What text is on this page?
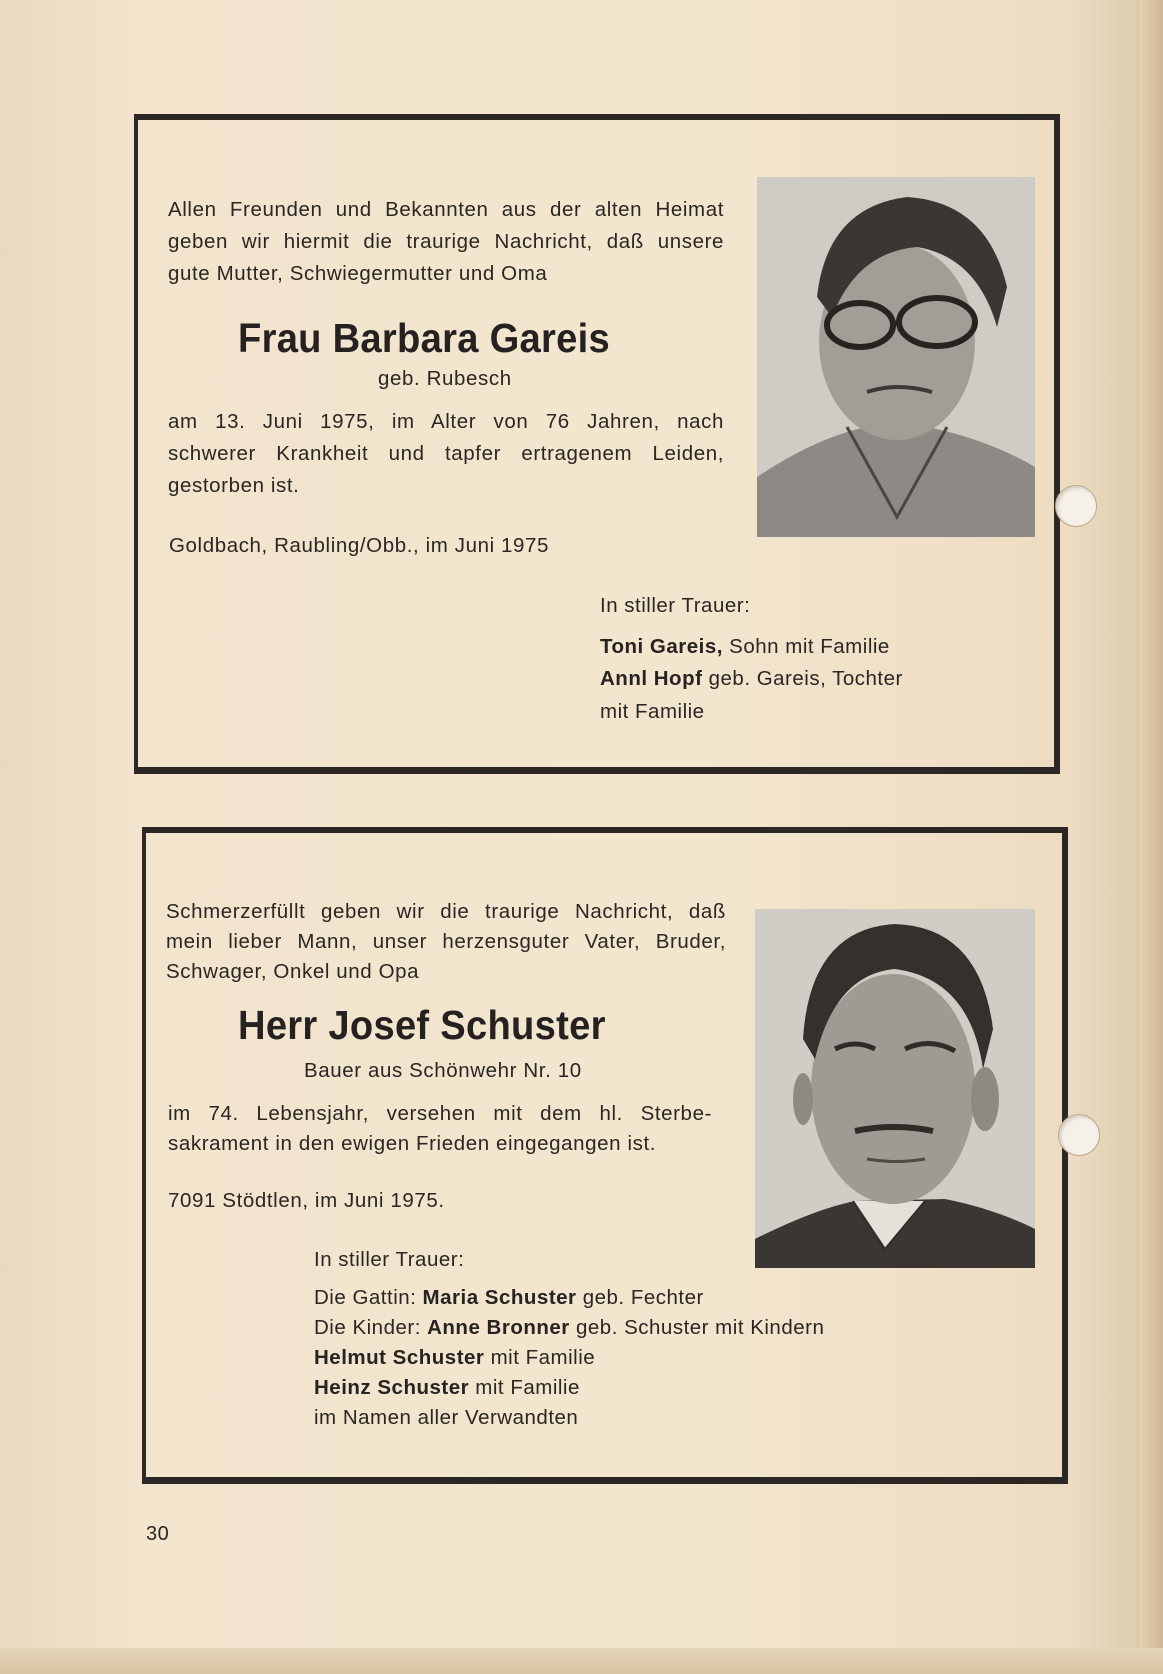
Allen Freunden und Bekannten aus der alten Heimat
geben wir hiermit die traurige Nachricht, daß unsere
gute Mutter, Schwiegermutter und Oma
Frau Barbara Gareis
geb. Rubesch
am 13. Juni 1975, im Alter von 76 Jahren, nach
schwerer Krankheit und tapfer ertragenem Leiden,
gestorben ist.
Goldbach, Raubling/Obb., im Juni 1975
In stiller Trauer:
Toni Gareis, Sohn mit Familie
Annl Hopf geb. Gareis, Tochter
mit Familie
Schmerzerfüllt geben wir die traurige Nachricht, daß
mein lieber Mann, unser herzensguter Vater, Bruder,
Schwager, Onkel und Opa
Herr Josef Schuster
Bauer aus Schönwehr Nr. 10
im 74. Lebensjahr, versehen mit dem hl. Sterbe-
sakrament in den ewigen Frieden eingegangen ist.
7091 Stödtlen, im Juni 1975.
In stiller Trauer:
Die Gattin: Maria Schuster geb. Fechter
Die Kinder: Anne Bronner geb. Schuster mit Kindern
Helmut Schuster mit Familie
Heinz Schuster mit Familie
im Namen aller Verwandten

30
